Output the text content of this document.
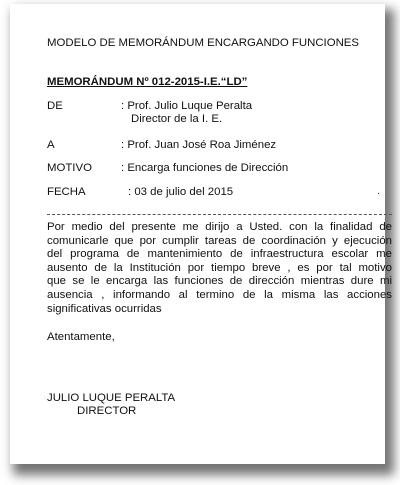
MODELO DE MEMORÁNDUM ENCARGANDO FUNCIONES
MEMORÁNDUM Nº 012-2015-I.E.“LD”
DE	: Prof. Julio Luque Peralta
Director de la I. E.
A	: Prof. Juan José Roa Jiménez
MOTIVO	: Encarga funciones de Dirección
FECHA	: 03 de julio del 2015	·
Por medio del presente me dirijo a Usted. con la finalidad de
comunicarle que por cumplir tareas de coordinación y ejecución
del programa de mantenimiento de infraestructura escolar me
ausento de la Institución por tiempo breve , es por tal motivo
que se le encarga las funciones de dirección mientras dure mi
ausencia , informando al termino de la misma las acciones
significativas ocurridas
Atentamente,
JULIO LUQUE PERALTA
DIRECTOR
